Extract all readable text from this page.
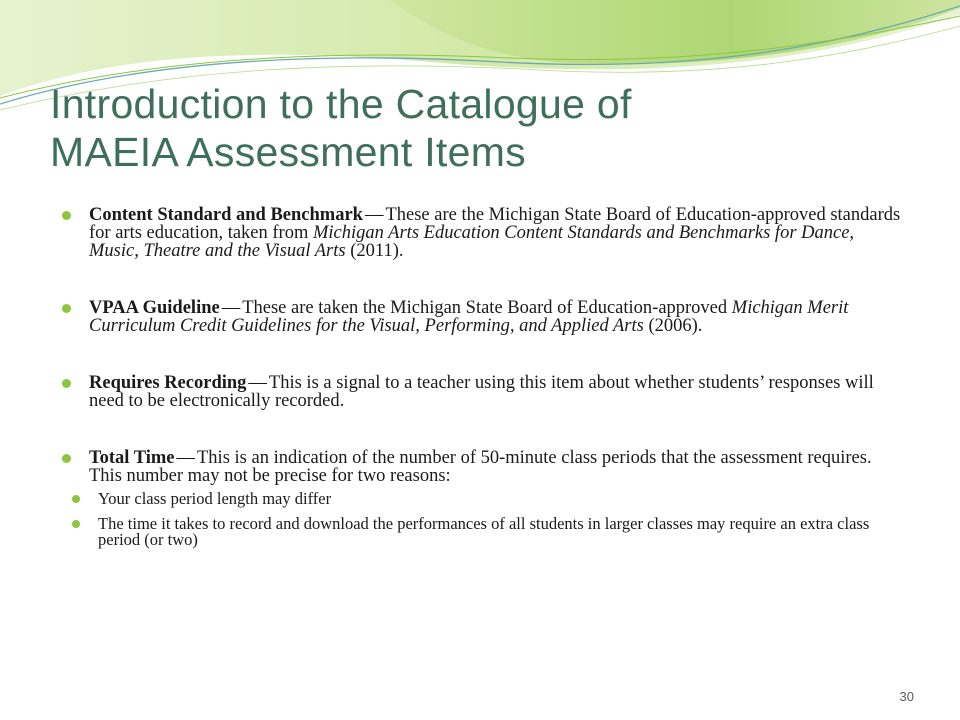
Introduction to the Catalogue of
MAEIA Assessment Items
Content Standard and Benchmark — These are the Michigan State Board of Education-approved standards for arts education, taken from Michigan Arts Education Content Standards and Benchmarks for Dance, Music, Theatre and the Visual Arts (2011).
VPAA Guideline — These are taken the Michigan State Board of Education-approved Michigan Merit Curriculum Credit Guidelines for the Visual, Performing, and Applied Arts (2006).
Requires Recording — This is a signal to a teacher using this item about whether students’ responses will need to be electronically recorded.
Total Time — This is an indication of the number of 50-minute class periods that the assessment requires. This number may not be precise for two reasons:
Your class period length may differ
The time it takes to record and download the performances of all students in larger classes may require an extra class period (or two)
30
